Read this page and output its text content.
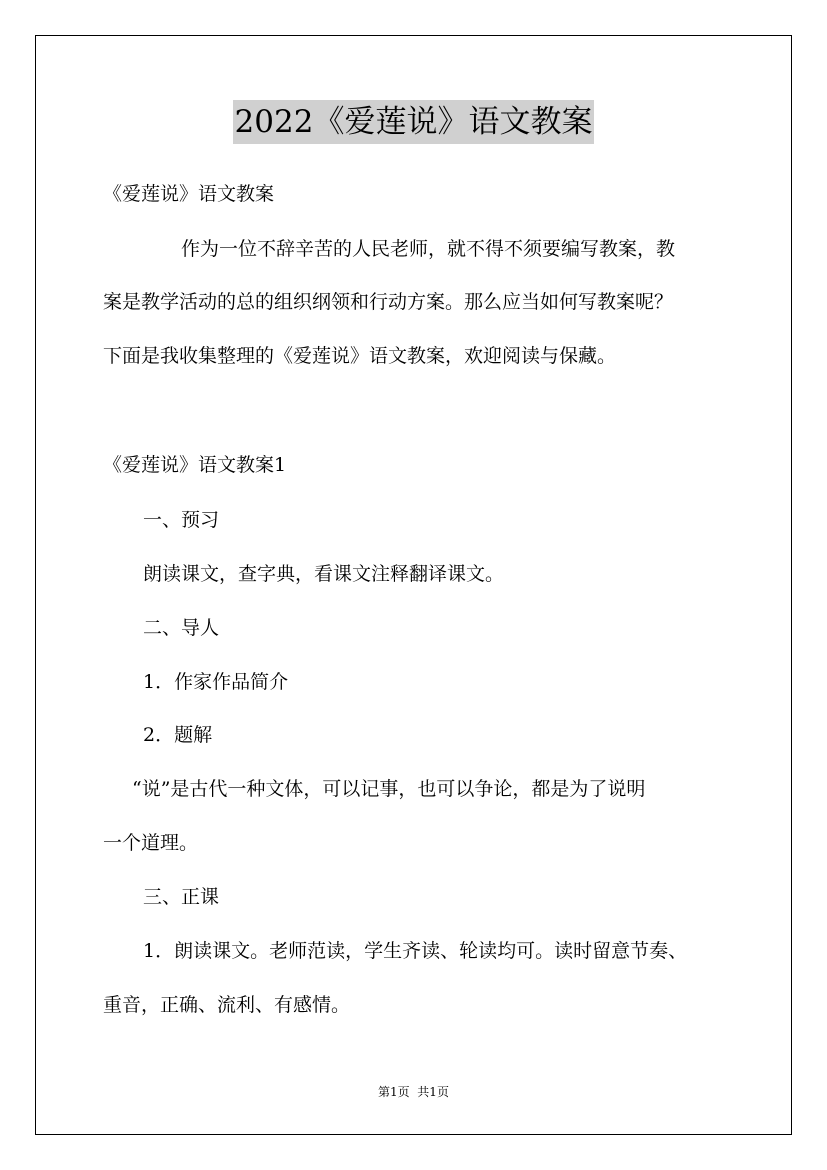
2022《爱莲说》语文教案
《爱莲说》语文教案
作为一位不辞辛苦的人民老师，就不得不须要编写教案，教
案是教学活动的总的组织纲领和行动方案。那么应当如何写教案呢？
下面是我收集整理的《爱莲说》语文教案，欢迎阅读与保藏。
《爱莲说》语文教案1
一、预习
朗读课文，查字典，看课文注释翻译课文。
二、导人
1．作家作品简介
2．题解
“说”是古代一种文体，可以记事，也可以争论，都是为了说明
一个道理。
三、正课
1．朗读课文。老师范读，学生齐读、轮读均可。读时留意节奏、
重音，正确、流利、有感情。
第1页  共1页
